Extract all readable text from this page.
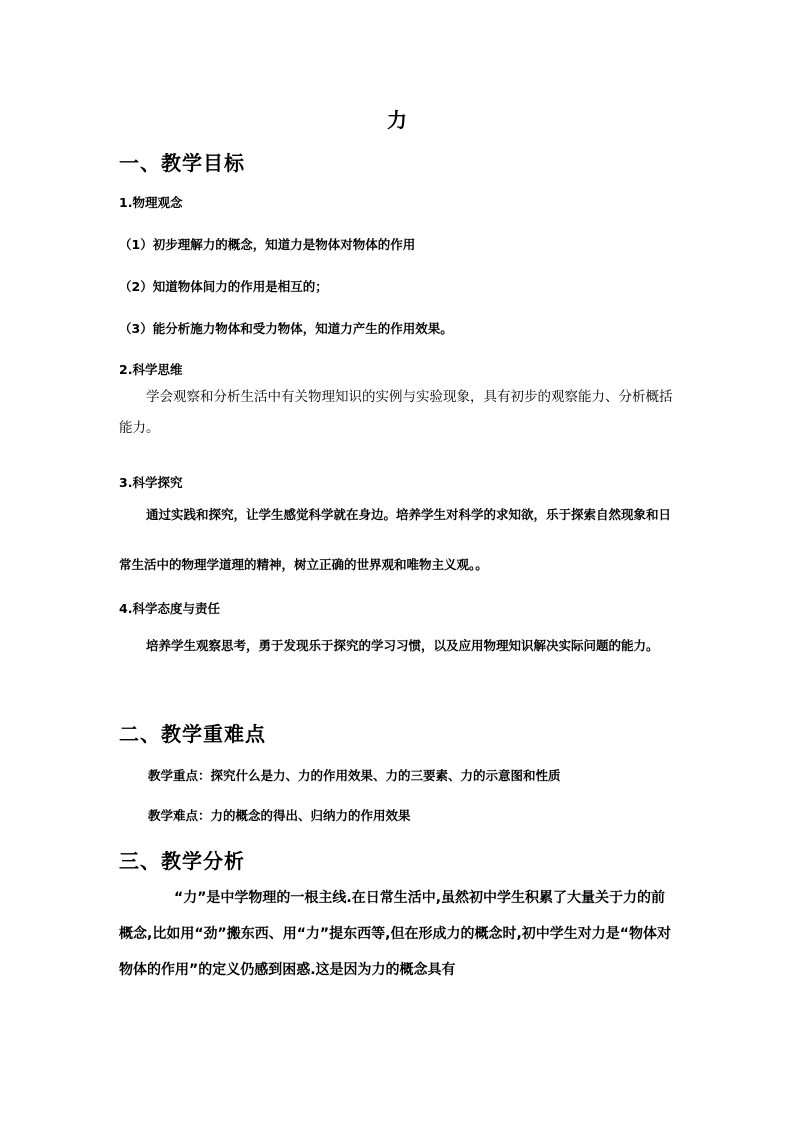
力
一、教学目标
1.物理观念
（1）初步理解力的概念，知道力是物体对物体的作用
（2）知道物体间力的作用是相互的；
（3）能分析施力物体和受力物体，知道力产生的作用效果。
2.科学思维
学会观察和分析生活中有关物理知识的实例与实验现象，具有初步的观察能力、分析概括能力。
3.科学探究
通过实践和探究，让学生感觉科学就在身边。培养学生对科学的求知欲，乐于探索自然现象和日常生活中的物理学道理的精神，树立正确的世界观和唯物主义观。。
4.科学态度与责任
培养学生观察思考，勇于发现乐于探究的学习习惯，以及应用物理知识解决实际问题的能力。
二、教学重难点
教学重点：探究什么是力、力的作用效果、力的三要素、力的示意图和性质
教学难点：力的概念的得出、归纳力的作用效果
三、教学分析
“力”是中学物理的一根主线.在日常生活中,虽然初中学生积累了大量关于力的前概念,比如用“劲”搬东西、用“力”提东西等,但在形成力的概念时,初中学生对力是“物体对物体的作用”的定义仍感到困惑.这是因为力的概念具有
